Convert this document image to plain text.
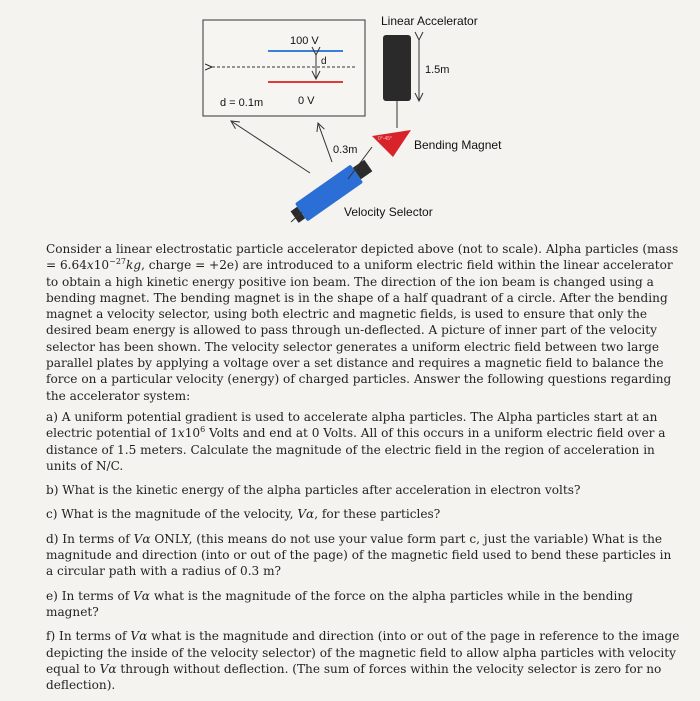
0°-45°
Linear Accelerator
100 V
d
0 V
1.5m
d = 0.1m
0.3m	Bending Magnet
Velocity Selector

Consider a linear electrostatic particle accelerator depicted above (not to scale). Alpha particles (mass = $6.64x10^{-27}kg$, charge = +2e) are introduced to a uniform electric field within the linear accelerator to obtain a high kinetic energy positive ion beam. The direction of the ion beam is changed using a bending magnet. The bending magnet is in the shape of a half quadrant of a circle. After the bending magnet a velocity selector, using both electric and magnetic fields, is used to ensure that only the desired beam energy is allowed to pass through un-deflected. A picture of inner part of the velocity selector has been shown. The velocity selector generates a uniform electric field between two large parallel plates by applying a voltage over a set distance and requires a magnetic field to balance the force on a particular velocity (energy) of charged particles. Answer the following questions regarding the accelerator system:

a) A uniform potential gradient is used to accelerate alpha particles. The Alpha particles start at an electric potential of $1x10^6$ Volts and end at 0 Volts. All of this occurs in a uniform electric field over a distance of 1.5 meters. Calculate the magnitude of the electric field in the region of acceleration in units of N/C.

b) What is the kinetic energy of the alpha particles after acceleration in electron volts?

c) What is the magnitude of the velocity, Vα, for these particles?

d) In terms of Vα ONLY, (this means do not use your value form part c, just the variable) What is the magnitude and direction (into or out of the page) of the magnetic field used to bend these particles in a circular path with a radius of 0.3 m?

e) In terms of Vα what is the magnitude of the force on the alpha particles while in the bending magnet?

f) In terms of Vα what is the magnitude and direction (into or out of the page in reference to the image depicting the inside of the velocity selector) of the magnetic field to allow alpha particles with velocity equal to Vα through without deflection. (The sum of forces within the velocity selector is zero for no deflection).
